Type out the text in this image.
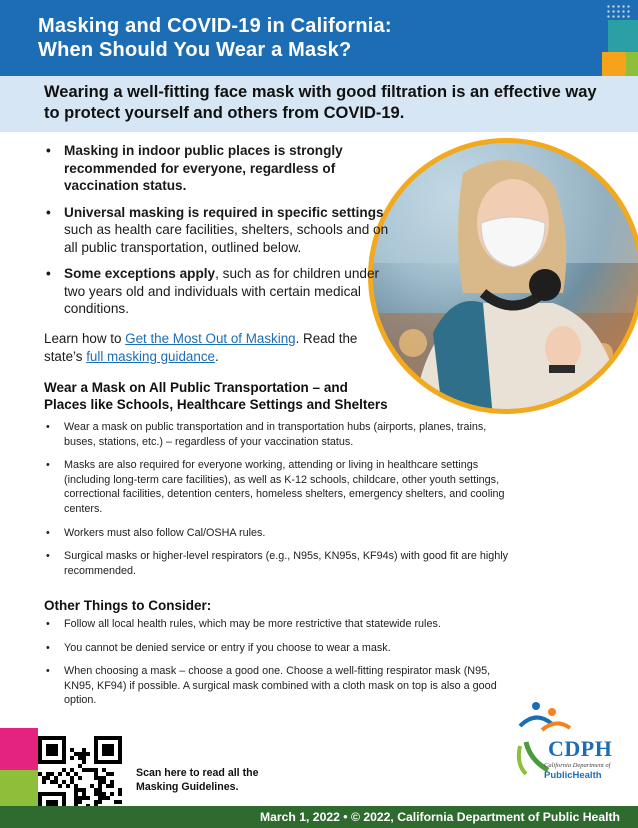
Masking and COVID-19 in California:
When Should You Wear a Mask?
Wearing a well-fitting face mask with good filtration is an effective way to protect yourself and others from COVID-19.
• Masking in indoor public places is strongly recommended for everyone, regardless of vaccination status.
• Universal masking is required in specific settings such as health care facilities, shelters, schools and on all public transportation, outlined below.
• Some exceptions apply, such as for children under two years old and individuals with certain medical conditions.
Learn how to Get the Most Out of Masking. Read the state’s full masking guidance.
Wear a Mask on All Public Transportation – and
Places like Schools, Healthcare Settings and Shelters
• Wear a mask on public transportation and in transportation hubs (airports, planes, trains, buses, stations, etc.) – regardless of your vaccination status.
• Masks are also required for everyone working, attending or living in healthcare settings (including long-term care facilities), as well as K-12 schools, childcare, other youth settings, correctional facilities, detention centers, homeless shelters, emergency shelters, and cooling centers.
• Workers must also follow Cal/OSHA rules.
• Surgical masks or higher-level respirators (e.g., N95s, KN95s, KF94s) with good fit are highly recommended.
Other Things to Consider:
• Follow all local health rules, which may be more restrictive that statewide rules.
• You cannot be denied service or entry if you choose to wear a mask.
• When choosing a mask – choose a good one. Choose a well-fitting respirator mask (N95, KN95, KF94) if possible. A surgical mask combined with a cloth mask on top is also a good option.
CDPH
California Department of
PublicHealth
Scan here to read all the Masking Guidelines.
March 1, 2022 • © 2022, California Department of Public Health
